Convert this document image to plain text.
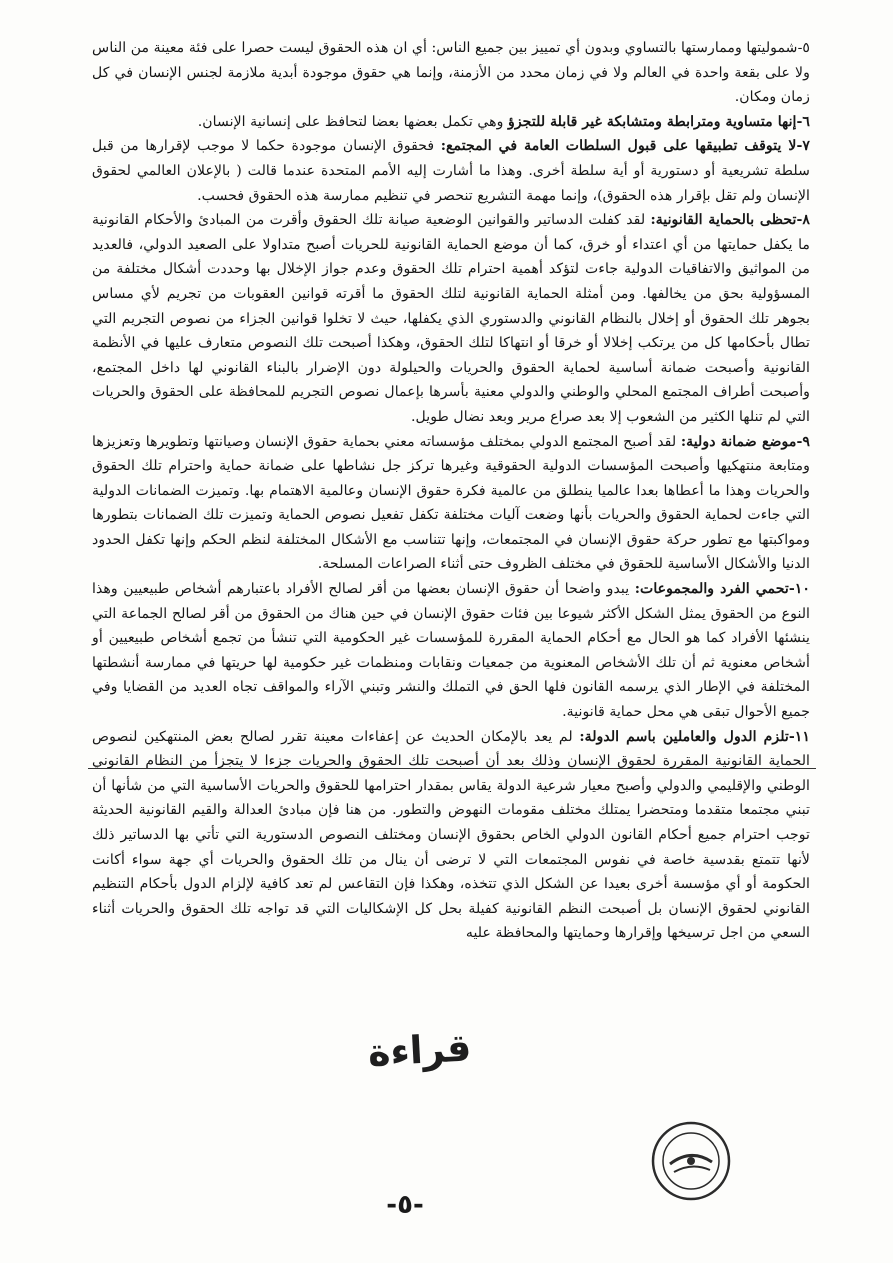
٥-شموليتها وممارستها بالتساوي وبدون أي تمييز بين جميع الناس: أي ان هذه الحقوق ليست حصرا على فئة معينة من الناس ولا على بقعة واحدة في العالم ولا في زمان محدد من الأزمنة، وإنما هي حقوق موجودة أبدية ملازمة لجنس الإنسان في كل زمان ومكان.

٦-إنها متساوية ومترابطة ومتشابكة غير قابلة للتجزؤ وهي تكمل بعضها بعضا لتحافظ على إنسانية الإنسان.

٧-لا يتوقف تطبيقها على قبول السلطات العامة في المجتمع: فحقوق الإنسان موجودة حكما لا موجب لإقرارها من قبل سلطة تشريعية أو دستورية أو أية سلطة أخرى. وهذا ما أشارت إليه الأمم المتحدة عندما قالت ( بالإعلان العالمي لحقوق الإنسان ولم تقل بإقرار هذه الحقوق)، وإنما مهمة التشريع تنحصر في تنظيم ممارسة هذه الحقوق فحسب.

٨-تحظى بالحماية القانونية: لقد كفلت الدساتير والقوانين الوضعية صيانة تلك الحقوق وأقرت من المبادئ والأحكام القانونية ما يكفل حمايتها من أي اعتداء أو خرق، كما أن موضع الحماية القانونية للحريات أصبح متداولا على الصعيد الدولي، فالعديد من المواثيق والاتفاقيات الدولية جاءت لتؤكد أهمية احترام تلك الحقوق وعدم جواز الإخلال بها وحددت أشكال مختلفة من المسؤولية بحق من يخالفها. ومن أمثلة الحماية القانونية لتلك الحقوق ما أقرته قوانين العقوبات من تجريم لأي مساس بجوهر تلك الحقوق أو إخلال بالنظام القانوني والدستوري الذي يكفلها، حيث لا تخلوا قوانين الجزاء من نصوص التجريم التي تطال بأحكامها كل من يرتكب إخلالا أو خرقا أو انتهاكا لتلك الحقوق، وهكذا أصبحت تلك النصوص متعارف عليها في الأنظمة القانونية وأصبحت ضمانة أساسية لحماية الحقوق والحريات والحيلولة دون الإضرار بالبناء القانوني لها داخل المجتمع، وأصبحت أطراف المجتمع المحلي والوطني والدولي معنية بأسرها بإعمال نصوص التجريم للمحافظة على الحقوق والحريات التي لم تنلها الكثير من الشعوب إلا بعد صراع مرير وبعد نضال طويل.

٩-موضع ضمانة دولية: لقد أصبح المجتمع الدولي بمختلف مؤسساته معني بحماية حقوق الإنسان وصيانتها وتطويرها وتعزيزها ومتابعة منتهكيها وأصبحت المؤسسات الدولية الحقوقية وغيرها تركز جل نشاطها على ضمانة حماية واحترام تلك الحقوق والحريات وهذا ما أعطاها بعدا عالميا ينطلق من عالمية فكرة حقوق الإنسان وعالمية الاهتمام بها. وتميزت الضمانات الدولية التي جاءت لحماية الحقوق والحريات بأنها وضعت آليات مختلفة تكفل تفعيل نصوص الحماية وتميزت تلك الضمانات بتطورها ومواكبتها مع تطور حركة حقوق الإنسان في المجتمعات، وإنها تتناسب مع الأشكال المختلفة لنظم الحكم وإنها تكفل الحدود الدنيا والأشكال الأساسية للحقوق في مختلف الظروف حتى أثناء الصراعات المسلحة.

١٠-تحمي الفرد والمجموعات: يبدو واضحا أن حقوق الإنسان بعضها من أقر لصالح الأفراد باعتبارهم أشخاص طبيعيين وهذا النوع من الحقوق يمثل الشكل الأكثر شيوعا بين فئات حقوق الإنسان في حين هناك من الحقوق من أقر لصالح الجماعة التي ينشئها الأفراد كما هو الحال مع أحكام الحماية المقررة للمؤسسات غير الحكومية التي تنشأ من تجمع أشخاص طبيعيين أو أشخاص معنوية ثم أن تلك الأشخاص المعنوية من جمعيات ونقابات ومنظمات غير حكومية لها حريتها في ممارسة أنشطتها المختلفة في الإطار الذي يرسمه القانون فلها الحق في التملك والنشر وتبني الآراء والمواقف تجاه العديد من القضايا وفي جميع الأحوال تبقى هي محل حماية قانونية.

١١-تلزم الدول والعاملين باسم الدولة: لم يعد بالإمكان الحديث عن إعفاءات معينة تقرر لصالح بعض المنتهكين لنصوص الحماية القانونية المقررة لحقوق الإنسان وذلك بعد أن أصبحت تلك الحقوق والحريات جزءا لا يتجزأ من النظام القانوني الوطني والإقليمي والدولي وأصبح معيار شرعية الدولة يقاس بمقدار احترامها للحقوق والحريات الأساسية التي من شأنها أن تبني مجتمعا متقدما ومتحضرا يمتلك مختلف مقومات النهوض والتطور. من هنا فإن مبادئ العدالة والقيم القانونية الحديثة توجب احترام جميع أحكام القانون الدولي الخاص بحقوق الإنسان ومختلف النصوص الدستورية التي تأتي بها الدساتير ذلك لأنها تتمتع بقدسية خاصة في نفوس المجتمعات التي لا ترضى أن ينال من تلك الحقوق والحريات أي جهة سواء أكانت الحكومة أو أي مؤسسة أخرى بعيدا عن الشكل الذي تتخذه، وهكذا فإن التقاعس لم تعد كافية لإلزام الدول بأحكام التنظيم القانوني لحقوق الإنسان بل أصبحت النظم القانونية كفيلة بحل كل الإشكاليات التي قد تواجه تلك الحقوق والحريات أثناء السعي من اجل ترسيخها وإقرارها وحمايتها والمحافظة عليه

قراءة
-٥-
